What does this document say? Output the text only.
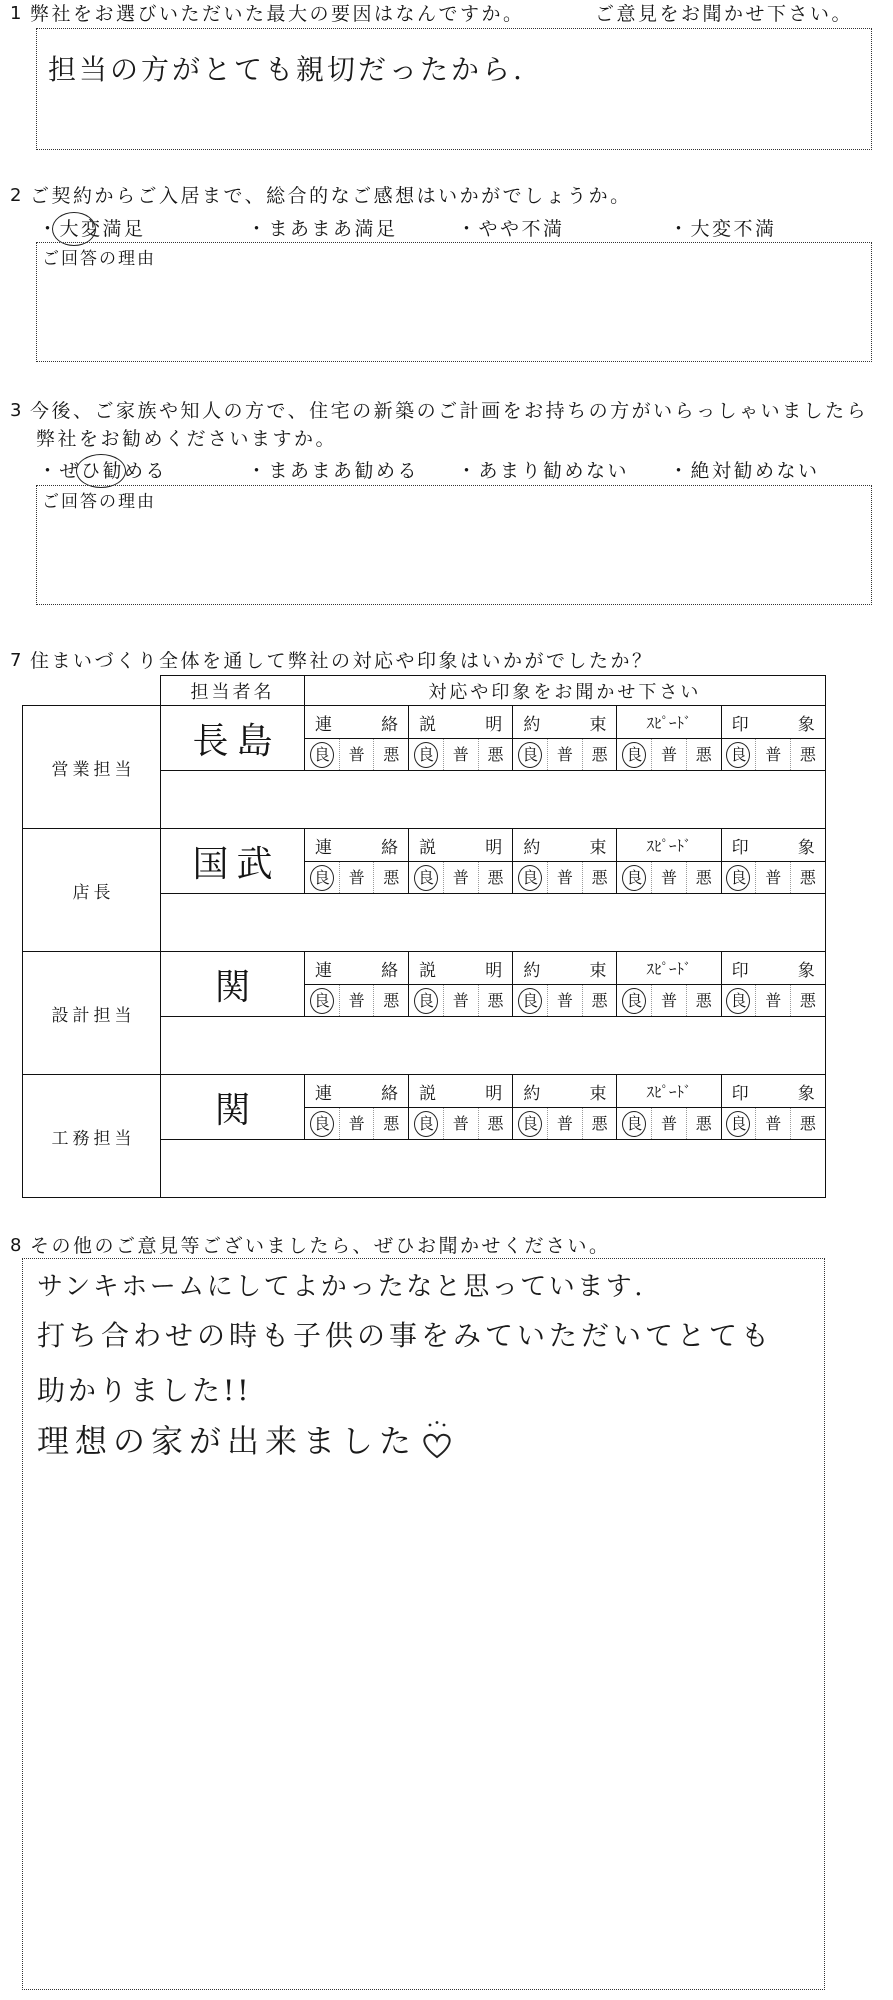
1 弊社をお選びいただいた最大の要因はなんですか。	ご意見をお聞かせ下さい。
担当の方がとても親切だったから.
2 ご契約からご入居まで、総合的なご感想はいかがでしょうか。
・大変満足	・まあまあ満足	・やや不満	・大変不満
ご回答の理由
3 今後、ご家族や知人の方で、住宅の新築のご計画をお持ちの方がいらっしゃいましたら
弊社をお勧めくださいますか。
・ぜひ勧める	・まあまあ勧める ・あまり勧めない ・絶対勧めない
ご回答の理由
7 住まいづくり全体を通して弊社の対応や印象はいかがでしたか？
	担当者名	対応や印象をお聞かせ下さい														
営業担当	長島	連絡			説明			約束			ｽﾋﾟｰﾄﾞ			印象		
		良	普	悪	良	普	悪	良	普	悪	良	普	悪	良	普	悪

店長	国武	連絡			説明			約束			ｽﾋﾟｰﾄﾞ			印象		
		良	普	悪	良	普	悪	良	普	悪	良	普	悪	良	普	悪

設計担当	関	連絡			説明			約束			ｽﾋﾟｰﾄﾞ			印象		
		良	普	悪	良	普	悪	良	普	悪	良	普	悪	良	普	悪

工務担当	関	連絡			説明			約束			ｽﾋﾟｰﾄﾞ			印象		
		良	普	悪	良	普	悪	良	普	悪	良	普	悪	良	普	悪

8 その他のご意見等ございましたら、ぜひお聞かせください。
サンキホームにしてよかったなと思っています.
打ち合わせの時も子供の事をみていただいてとても
助かりました!!
理想の家が出来ました
